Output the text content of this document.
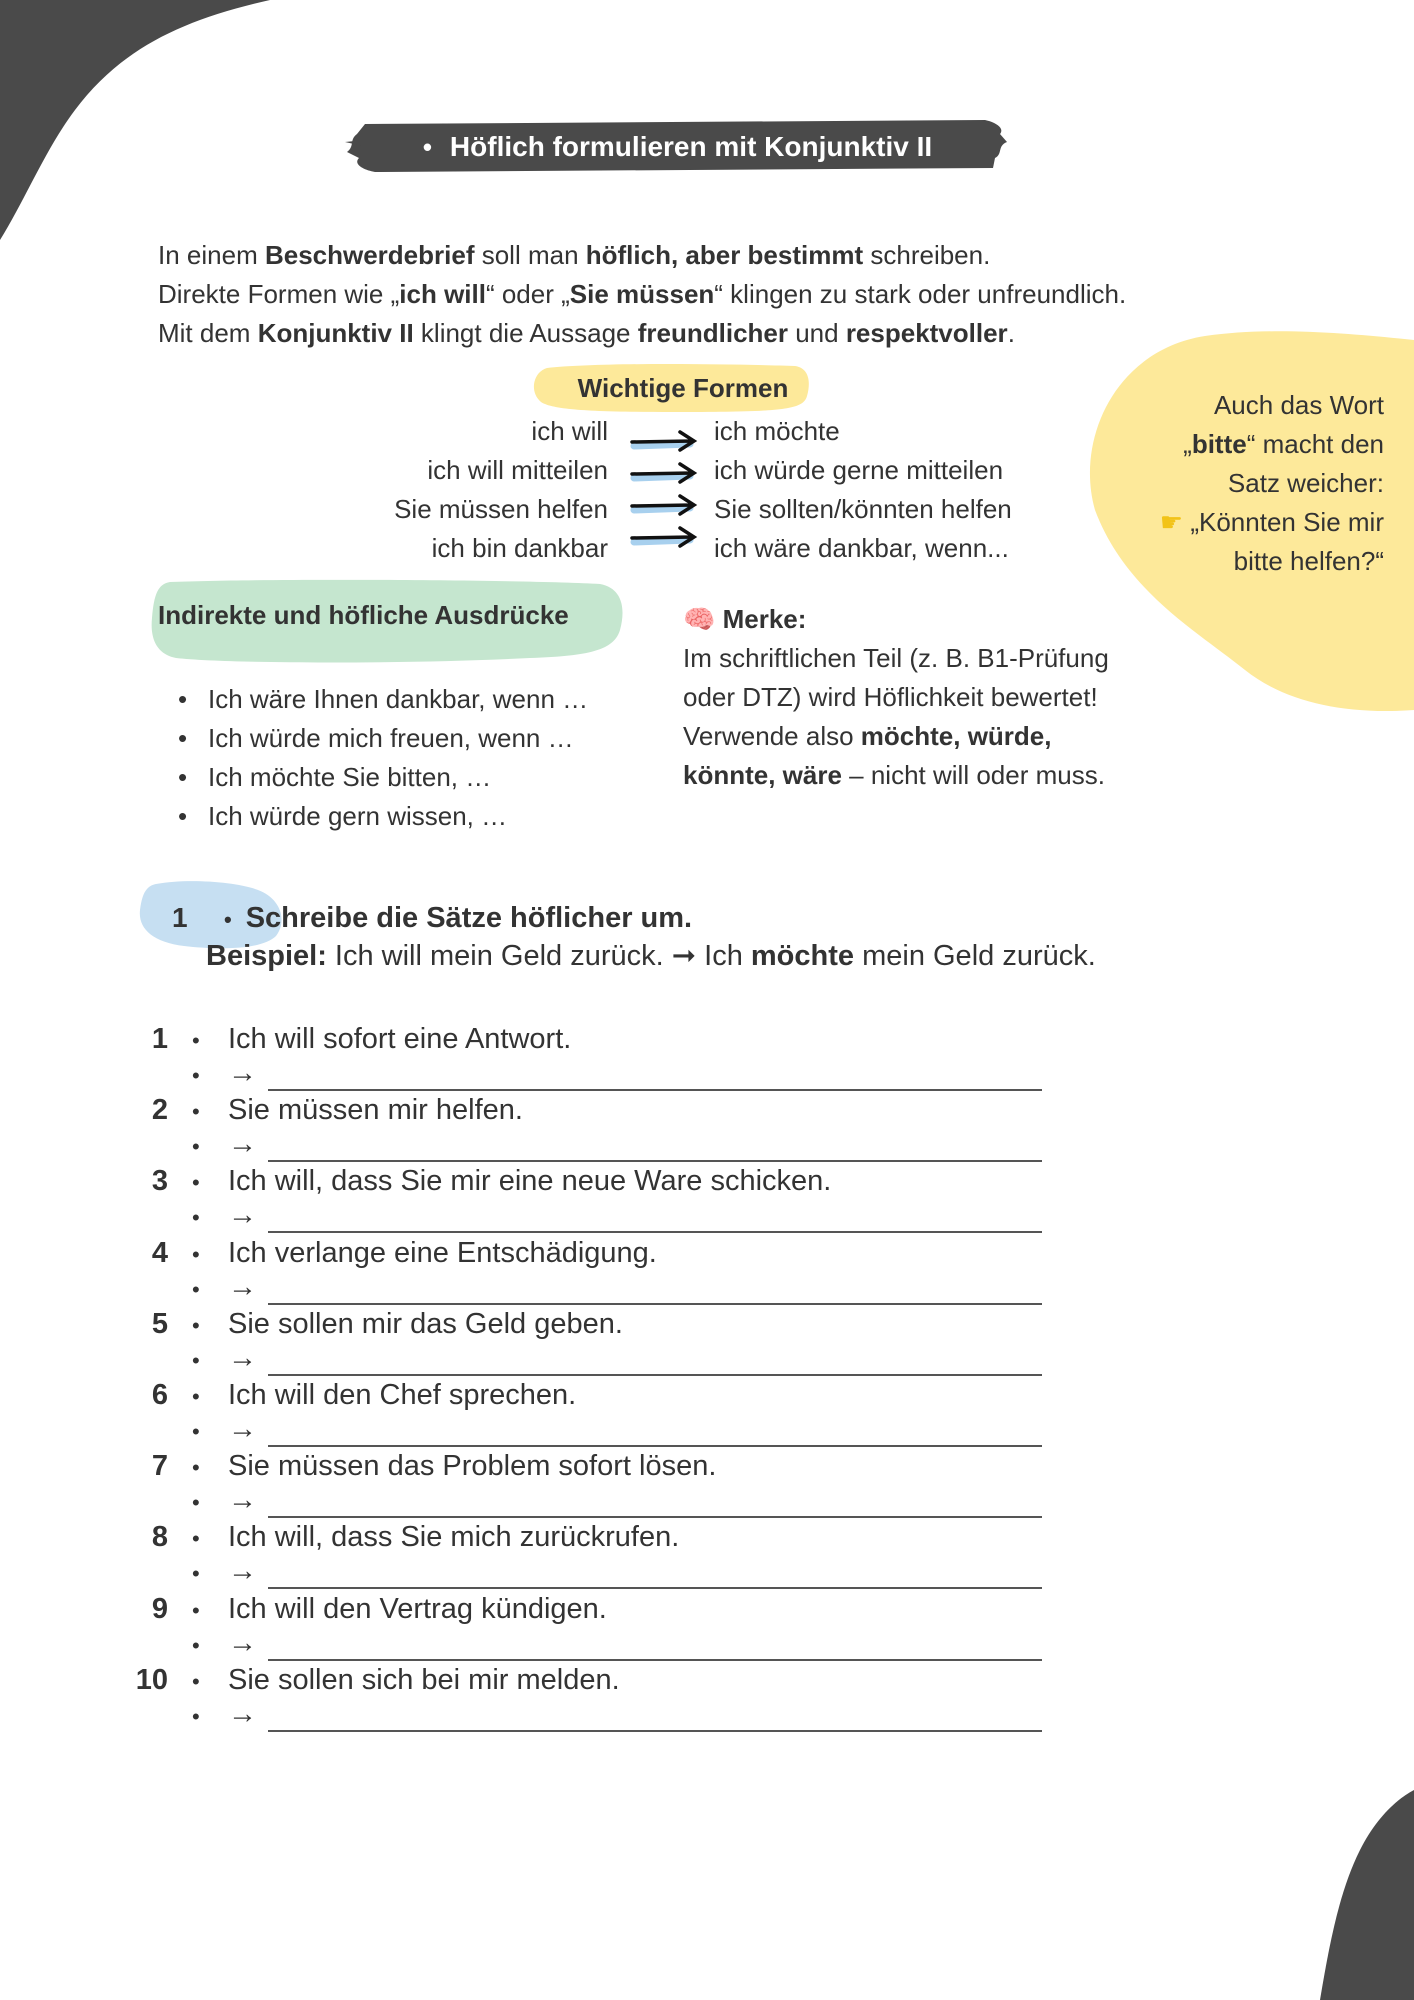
• Höflich formulieren mit Konjunktiv II
In einem Beschwerdebrief soll man höflich, aber bestimmt schreiben.
Direkte Formen wie „ich will“ oder „Sie müssen“ klingen zu stark oder unfreundlich.
Mit dem Konjunktiv II klingt die Aussage freundlicher und respektvoller.
Auch das Wort
„bitte“ macht den
Satz weicher:
☛ „Könnten Sie mir
bitte helfen?“
Wichtige Formen
ich will
ich will mitteilen
Sie müssen helfen
ich bin dankbar
ich möchte
ich würde gerne mitteilen
Sie sollten/könnten helfen
ich wäre dankbar, wenn...
Indirekte und höfliche Ausdrücke
• Ich wäre Ihnen dankbar, wenn …
• Ich würde mich freuen, wenn …
• Ich möchte Sie bitten, …
• Ich würde gern wissen, …
🧠 Merke:
Im schriftlichen Teil (z. B. B1-Prüfung
oder DTZ) wird Höflichkeit bewertet!
Verwende also möchte, würde,
könnte, wäre – nicht will oder muss.
1 • Schreibe die Sätze höflicher um.
Beispiel: Ich will mein Geld zurück. ➞ Ich möchte mein Geld zurück.
1 • Ich will sofort eine Antwort.
• →
2 • Sie müssen mir helfen.
• →
3 • Ich will, dass Sie mir eine neue Ware schicken.
• →
4 • Ich verlange eine Entschädigung.
• →
5 • Sie sollen mir das Geld geben.
• →
6 • Ich will den Chef sprechen.
• →
7 • Sie müssen das Problem sofort lösen.
• →
8 • Ich will, dass Sie mich zurückrufen.
• →
9 • Ich will den Vertrag kündigen.
• →
10 • Sie sollen sich bei mir melden.
• →
